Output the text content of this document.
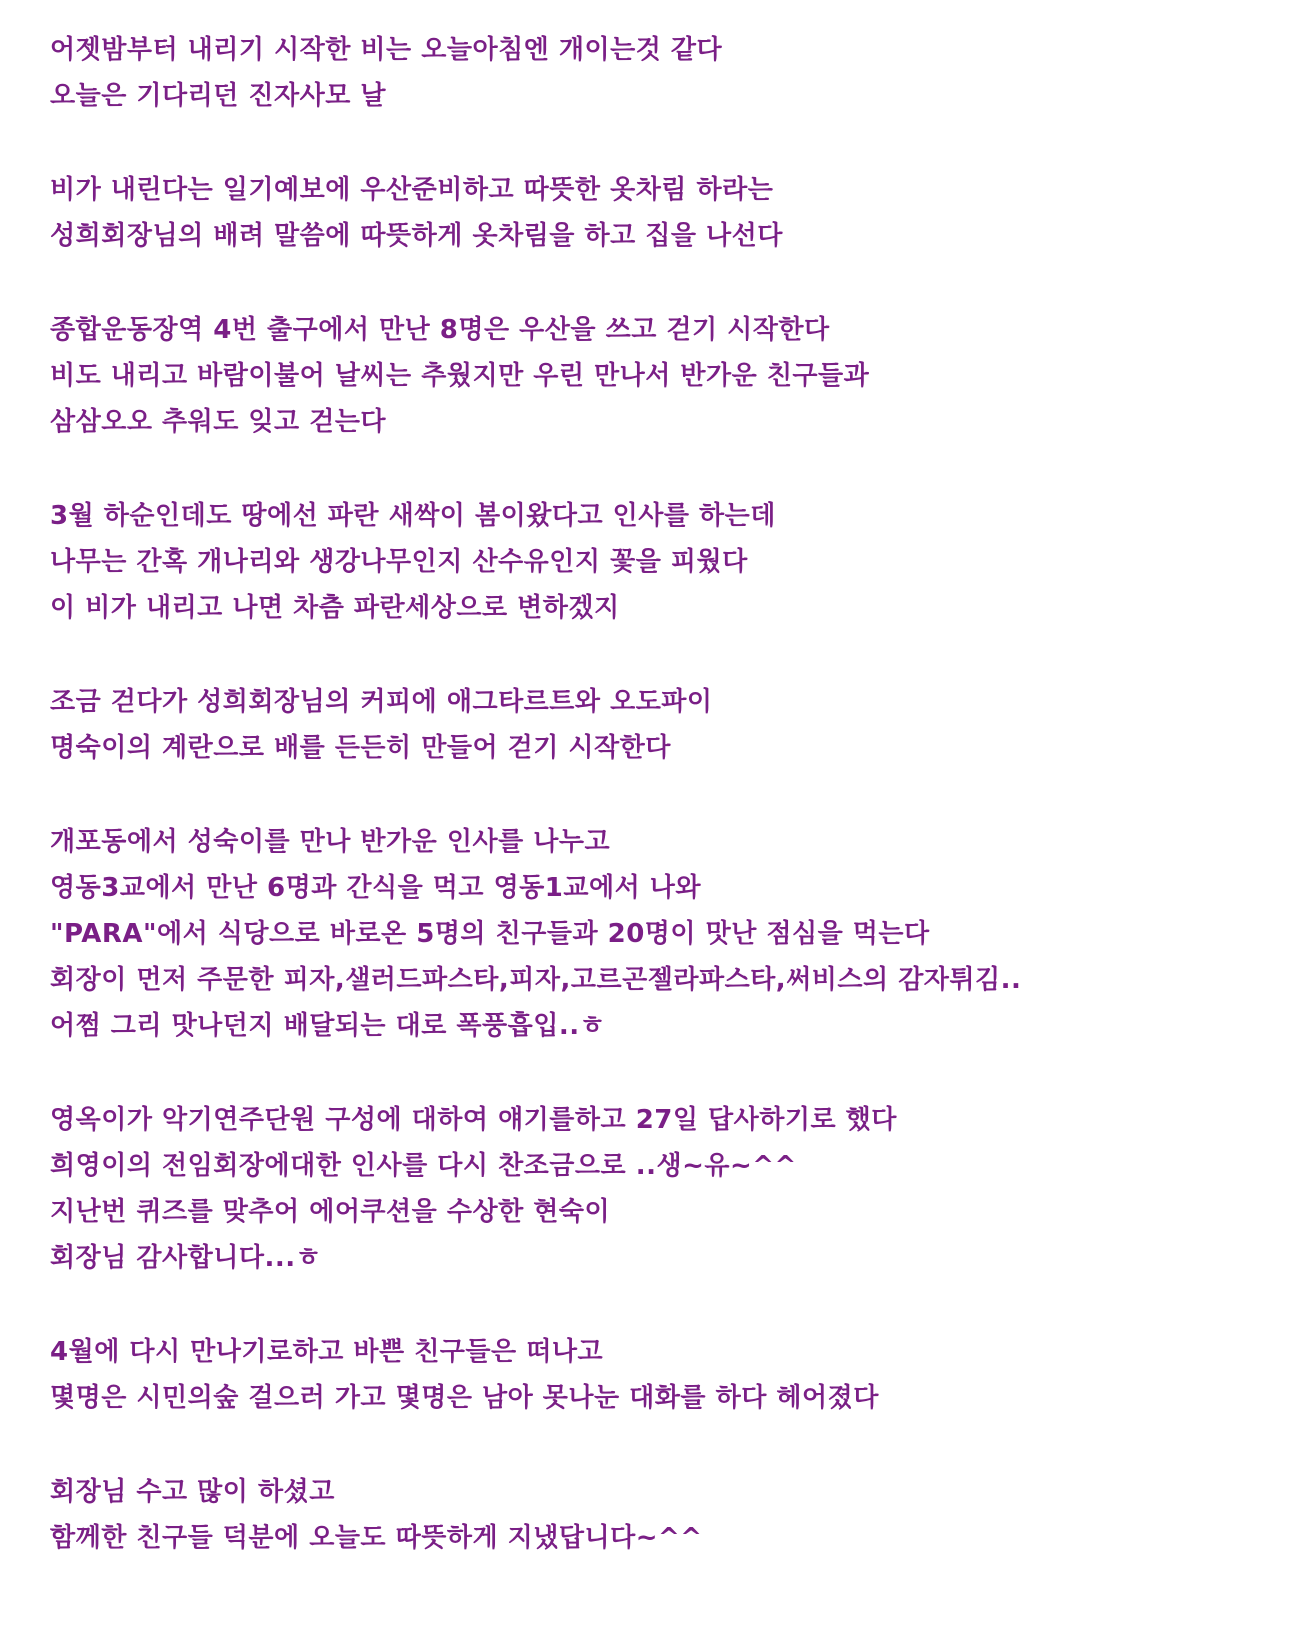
어젯밤부터 내리기 시작한 비는 오늘아침엔 개이는것 같다
오늘은 기다리던 진자사모 날
비가 내린다는 일기예보에 우산준비하고 따뜻한 옷차림 하라는
성희회장님의 배려 말씀에 따뜻하게 옷차림을 하고 집을 나선다
종합운동장역 4번 출구에서 만난 8명은 우산을 쓰고 걷기 시작한다
비도 내리고 바람이불어 날씨는 추웠지만 우린 만나서 반가운 친구들과
삼삼오오 추워도 잊고 걷는다
3월 하순인데도 땅에선 파란 새싹이 봄이왔다고 인사를 하는데
나무는 간혹 개나리와 생강나무인지 산수유인지 꽃을 피웠다
이 비가 내리고 나면 차츰 파란세상으로 변하겠지
조금 걷다가 성희회장님의 커피에 애그타르트와 오도파이
명숙이의 계란으로 배를 든든히 만들어 걷기 시작한다
개포동에서 성숙이를 만나 반가운 인사를 나누고
영동3교에서 만난 6명과 간식을 먹고 영동1교에서 나와
"PARA"에서 식당으로 바로온 5명의 친구들과 20명이 맛난 점심을 먹는다
회장이 먼저 주문한 피자,샐러드파스타,피자,고르곤젤라파스타,써비스의 감자튀김..
어쩜 그리 맛나던지 배달되는 대로 폭풍흡입..ㅎ
영옥이가 악기연주단원 구성에 대하여 얘기를하고 27일 답사하기로 했다
희영이의 전임회장에대한 인사를 다시 찬조금으로 ..생~유~^^
지난번 퀴즈를 맞추어 에어쿠션을 수상한 현숙이
회장님 감사합니다...ㅎ
4월에 다시 만나기로하고 바쁜 친구들은 떠나고
몇명은 시민의숲 걸으러 가고 몇명은 남아 못나눈 대화를 하다 헤어졌다
회장님 수고 많이 하셨고
함께한 친구들 덕분에 오늘도 따뜻하게 지냈답니다~^^
